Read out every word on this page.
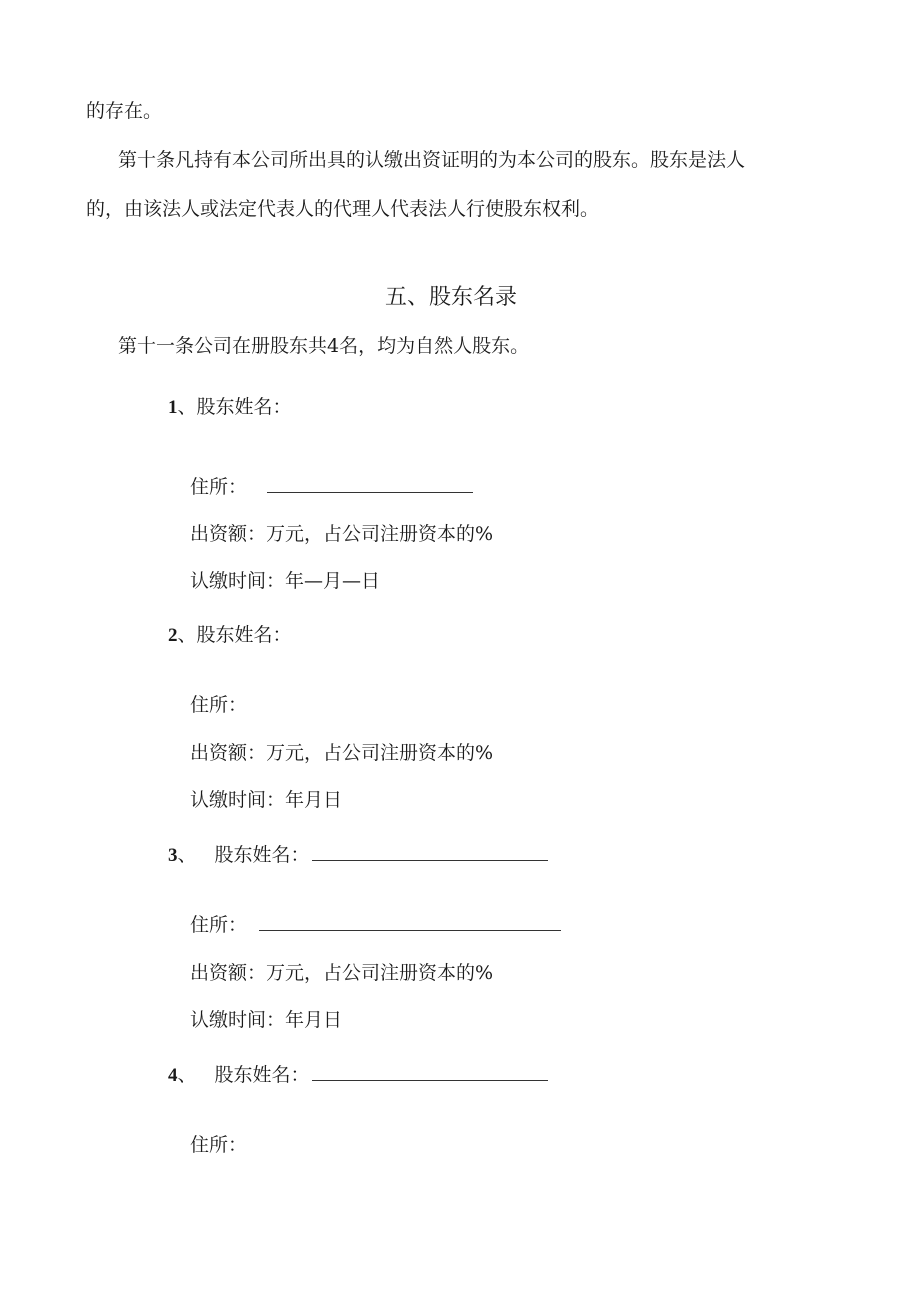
的存在。
第十条凡持有本公司所出具的认缴出资证明的为本公司的股东。股东是法人
的，由该法人或法定代表人的代理人代表法人行使股东权利。
五、股东名录
第十一条公司在册股东共4名，均为自然人股东。
1、股东姓名：
住所：
出资额：万元，占公司注册资本的%
认缴时间：年—月—日
2、股东姓名：
住所：
出资额：万元，占公司注册资本的%
认缴时间：年月日
3、 股东姓名：
住所：
出资额：万元，占公司注册资本的%
认缴时间：年月日
4、 股东姓名：
住所：
